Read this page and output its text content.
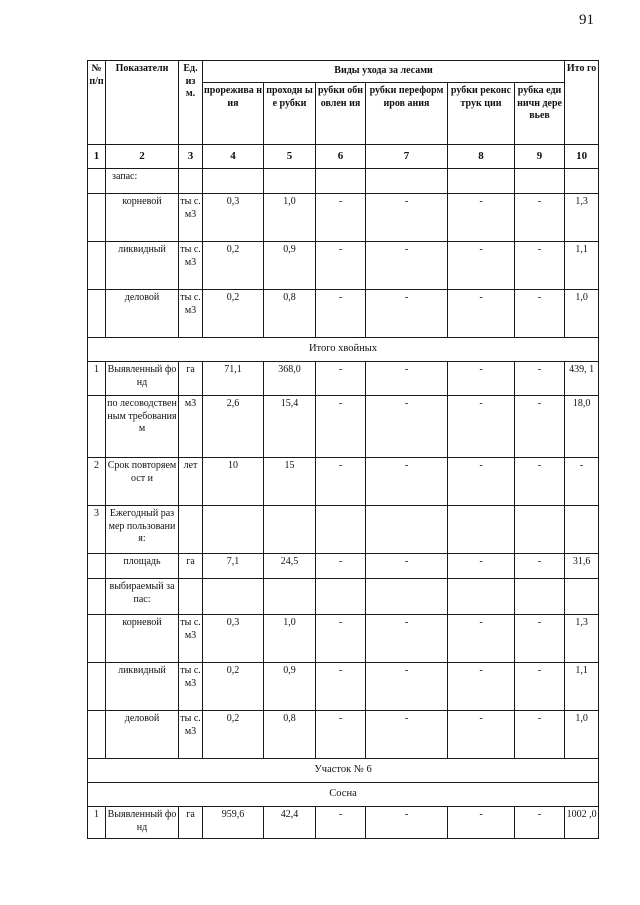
91
№ п/п	Показатели	Ед. из м.	Виды ухода за лесами						Ито го
			прорежива ния	проходн ые рубки	рубки обновлен ия	рубки переформиров ания	рубки реконструк ции	рубка единичн деревьев	
1	2	3	4	5	6	7	8	9	10
	запас:								
	корневой	ты с. м3	0,3	1,0	-	-	-	-	1,3
	ликвидный	ты с. м3	0,2	0,9	-	-	-	-	1,1
	деловой	ты с. м3	0,2	0,8	-	-	-	-	1,0
Итого хвойных									
1	Выявленный фонд	га	71,1	368,0	-	-	-	-	439, 1
	по лесоводствен ным требованиям	м3	2,6	15,4	-	-	-	-	18,0
2	Срок повторяемост и	лет	10	15	-	-	-	-	-
3	Ежегодный размер пользования:								
	площадь	га	7,1	24,5	-	-	-	-	31,6
	выбираемый запас:								
	корневой	ты с. м3	0,3	1,0	-	-	-	-	1,3
	ликвидный	ты с. м3	0,2	0,9	-	-	-	-	1,1
	деловой	ты с. м3	0,2	0,8	-	-	-	-	1,0
Участок № 6									
Сосна									
1	Выявленный фонд	га	959,6	42,4	-	-	-	-	1002 ,0
